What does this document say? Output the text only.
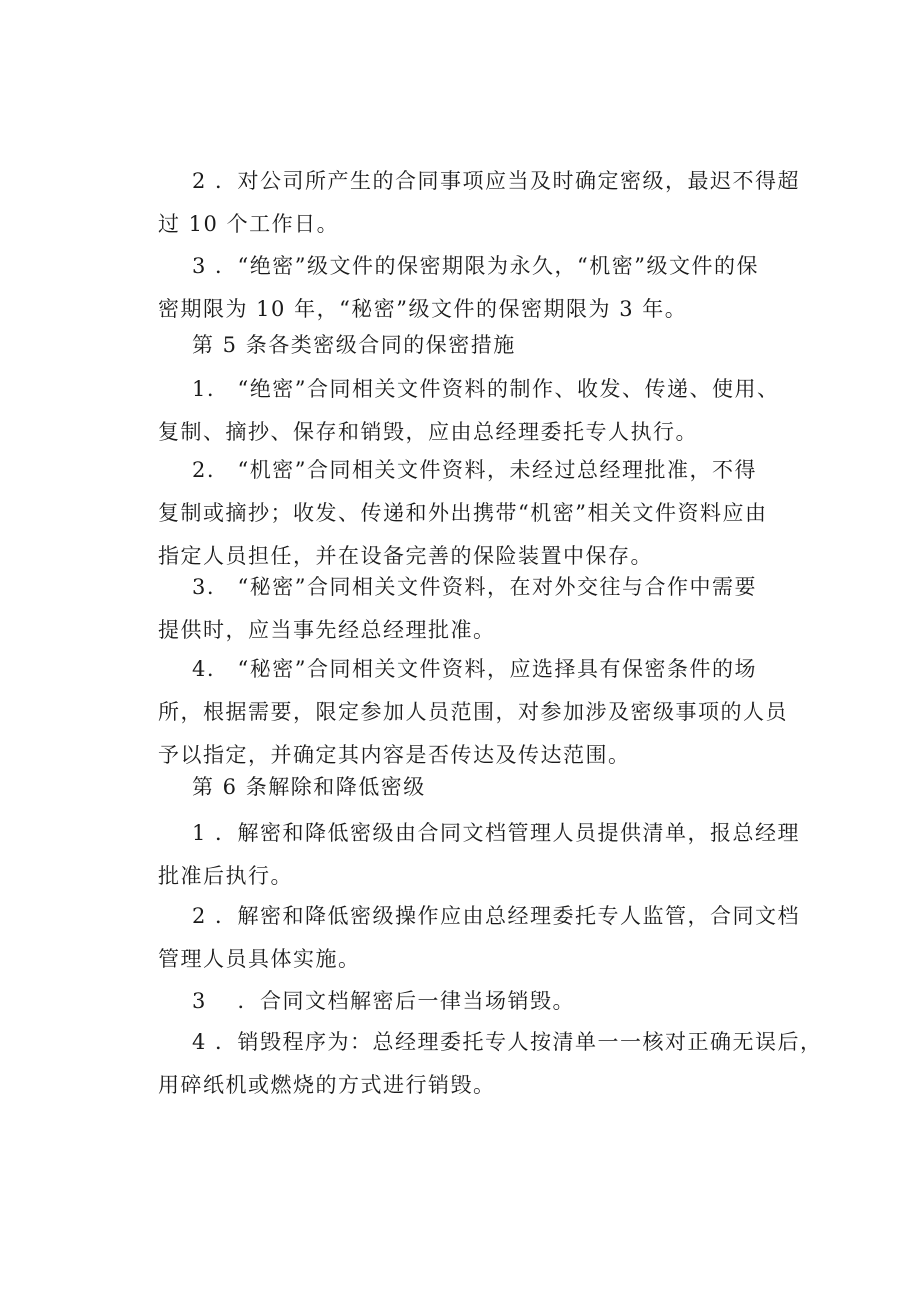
2 ．对公司所产生的合同事项应当及时确定密级，最迟不得超
过 10 个工作日。
3 ．“绝密”级文件的保密期限为永久，“机密”级文件的保
密期限为 10 年，“秘密”级文件的保密期限为 3 年。
第 5 条各类密级合同的保密措施
1.　“绝密”合同相关文件资料的制作、收发、传递、使用、
复制、摘抄、保存和销毁，应由总经理委托专人执行。
2.　“机密”合同相关文件资料，未经过总经理批准，不得
复制或摘抄；收发、传递和外出携带“机密”相关文件资料应由
指定人员担任，并在设备完善的保险装置中保存。
3.　“秘密”合同相关文件资料，在对外交往与合作中需要
提供时，应当事先经总经理批准。
4.　“秘密”合同相关文件资料，应选择具有保密条件的场
所，根据需要，限定参加人员范围，对参加涉及密级事项的人员
予以指定，并确定其内容是否传达及传达范围。
第 6 条解除和降低密级
1 ．解密和降低密级由合同文档管理人员提供清单，报总经理
批准后执行。
2 ．解密和降低密级操作应由总经理委托专人监管，合同文档
管理人员具体实施。
3　 ．合同文档解密后一律当场销毁。
4 ．销毁程序为：总经理委托专人按清单一一核对正确无误后，
用碎纸机或燃烧的方式进行销毁。
